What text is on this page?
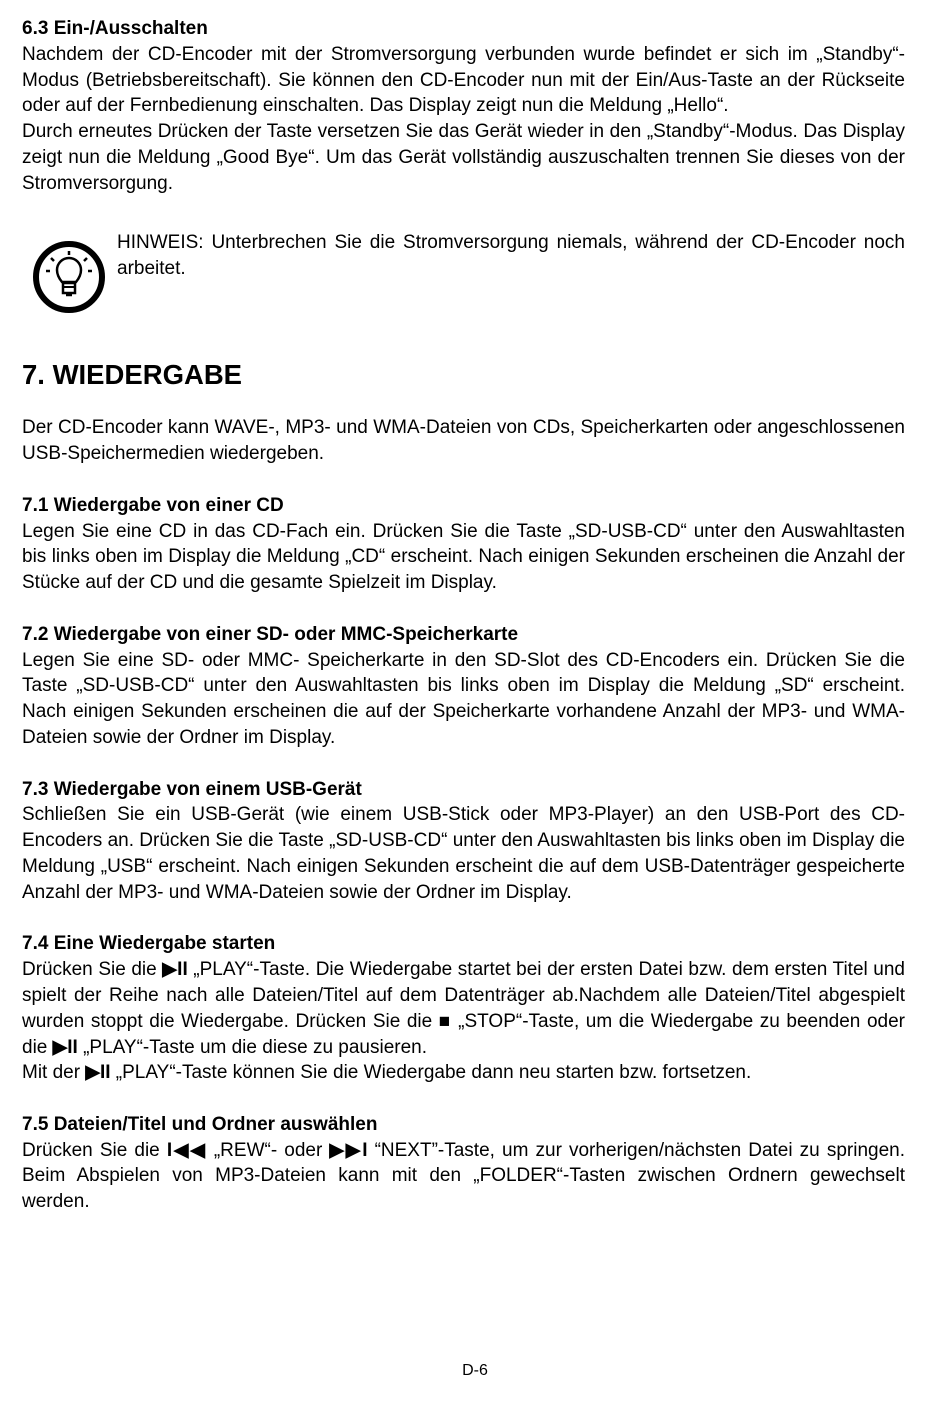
6.3 Ein-/Ausschalten

Nachdem der CD-Encoder mit der Stromversorgung verbunden wurde befindet er sich im „Standby“-Modus (Betriebsbereitschaft). Sie können den CD-Encoder nun mit der Ein/Aus-Taste an der Rückseite oder auf der Fernbedienung einschalten. Das Display zeigt nun die Meldung „Hello“.

Durch erneutes Drücken der Taste versetzen Sie das Gerät wieder in den „Standby“-Modus. Das Display zeigt nun die Meldung „Good Bye“. Um das Gerät vollständig auszuschalten trennen Sie dieses von der Stromversorgung.

HINWEIS: Unterbrechen Sie die Stromversorgung niemals, während der CD-Encoder noch arbeitet.

7. WIEDERGABE

Der CD-Encoder kann WAVE-, MP3- und WMA-Dateien von CDs, Speicherkarten oder angeschlossenen USB-Speichermedien wiedergeben.

7.1 Wiedergabe von einer CD

Legen Sie eine CD in das CD-Fach ein. Drücken Sie die Taste „SD-USB-CD“ unter den Auswahltasten bis links oben im Display die Meldung „CD“ erscheint. Nach einigen Sekunden erscheinen die Anzahl der Stücke auf der CD und die gesamte Spielzeit im Display.

7.2 Wiedergabe von einer SD- oder MMC-Speicherkarte

Legen Sie eine SD- oder MMC- Speicherkarte in den SD-Slot des CD-Encoders ein. Drücken Sie die Taste „SD-USB-CD“ unter den Auswahltasten bis links oben im Display die Meldung „SD“ erscheint. Nach einigen Sekunden erscheinen die auf der Speicherkarte vorhandene Anzahl der MP3- und WMA-Dateien sowie der Ordner im Display.

7.3 Wiedergabe von einem USB-Gerät

Schließen Sie ein USB-Gerät (wie einem USB-Stick oder MP3-Player) an den USB-Port des CD-Encoders an. Drücken Sie die Taste „SD-USB-CD“ unter den Auswahltasten bis links oben im Display die Meldung „USB“ erscheint. Nach einigen Sekunden erscheint die auf dem USB-Datenträger gespeicherte Anzahl der MP3- und WMA-Dateien sowie der Ordner im Display.

7.4 Eine Wiedergabe starten

Drücken Sie die ▶II „PLAY“-Taste. Die Wiedergabe startet bei der ersten Datei bzw. dem ersten Titel und spielt der Reihe nach alle Dateien/Titel auf dem Datenträger ab.Nachdem alle Dateien/Titel abgespielt wurden stoppt die Wiedergabe. Drücken Sie die ■ „STOP“-Taste, um die Wiedergabe zu beenden oder die ▶II „PLAY“-Taste um die diese zu pausieren.

Mit der ▶II „PLAY“-Taste können Sie die Wiedergabe dann neu starten bzw. fortsetzen.

7.5 Dateien/Titel und Ordner auswählen

Drücken Sie die I◀◀ „REW“- oder ▶▶I “NEXT”-Taste, um zur vorherigen/nächsten Datei zu springen. Beim Abspielen von MP3-Dateien kann mit den „FOLDER“-Tasten zwischen Ordnern gewechselt werden.

D-6
